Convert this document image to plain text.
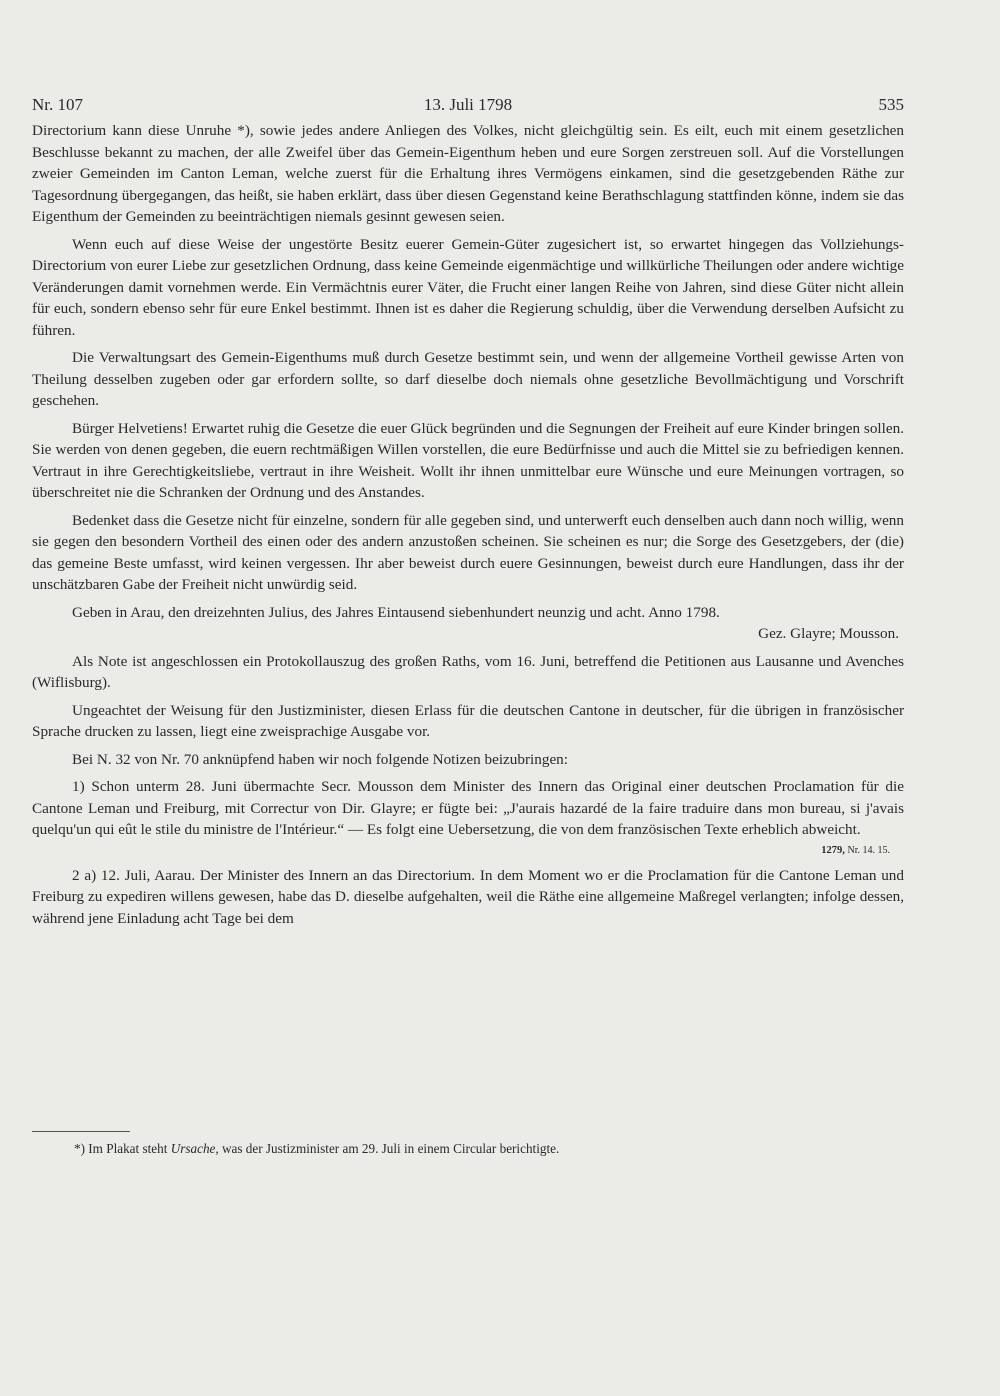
Nr. 107	13. Juli 1798	535

Directorium kann diese Unruhe *), sowie jedes andere Anliegen des Volkes, nicht gleichgültig sein. Es eilt, euch mit einem gesetzlichen Beschlusse bekannt zu machen, der alle Zweifel über das Gemein-Eigenthum heben und eure Sorgen zerstreuen soll. Auf die Vorstellungen zweier Gemeinden im Canton Leman, welche zuerst für die Erhaltung ihres Vermögens einkamen, sind die gesetzgebenden Räthe zur Tagesordnung übergegangen, das heißt, sie haben erklärt, dass über diesen Gegenstand keine Berathschlagung stattfinden könne, indem sie das Eigenthum der Gemeinden zu beeinträchtigen niemals gesinnt gewesen seien.

Wenn euch auf diese Weise der ungestörte Besitz euerer Gemein-Güter zugesichert ist, so erwartet hingegen das Vollziehungs-Directorium von eurer Liebe zur gesetzlichen Ordnung, dass keine Gemeinde eigenmächtige und willkürliche Theilungen oder andere wichtige Veränderungen damit vornehmen werde. Ein Vermächtnis eurer Väter, die Frucht einer langen Reihe von Jahren, sind diese Güter nicht allein für euch, sondern ebenso sehr für eure Enkel bestimmt. Ihnen ist es daher die Regierung schuldig, über die Verwendung derselben Aufsicht zu führen.

Die Verwaltungsart des Gemein-Eigenthums muß durch Gesetze bestimmt sein, und wenn der allgemeine Vortheil gewisse Arten von Theilung desselben zugeben oder gar erfordern sollte, so darf dieselbe doch niemals ohne gesetzliche Bevollmächtigung und Vorschrift geschehen.

Bürger Helvetiens! Erwartet ruhig die Gesetze die euer Glück begründen und die Segnungen der Freiheit auf eure Kinder bringen sollen. Sie werden von denen gegeben, die euern rechtmäßigen Willen vorstellen, die eure Bedürfnisse und auch die Mittel sie zu befriedigen kennen. Vertraut in ihre Gerechtigkeitsliebe, vertraut in ihre Weisheit. Wollt ihr ihnen unmittelbar eure Wünsche und eure Meinungen vortragen, so überschreitet nie die Schranken der Ordnung und des Anstandes.

Bedenket dass die Gesetze nicht für einzelne, sondern für alle gegeben sind, und unterwerft euch denselben auch dann noch willig, wenn sie gegen den besondern Vortheil des einen oder des andern anzustoßen scheinen. Sie scheinen es nur; die Sorge des Gesetzgebers, der (die) das gemeine Beste umfasst, wird keinen vergessen. Ihr aber beweist durch euere Gesinnungen, beweist durch eure Handlungen, dass ihr der unschätzbaren Gabe der Freiheit nicht unwürdig seid.

Geben in Arau, den dreizehnten Julius, des Jahres Eintausend siebenhundert neunzig und acht. Anno 1798.

Gez. Glayre; Mousson.

Als Note ist angeschlossen ein Protokollauszug des großen Raths, vom 16. Juni, betreffend die Petitionen aus Lausanne und Avenches (Wiflisburg).

Ungeachtet der Weisung für den Justizminister, diesen Erlass für die deutschen Cantone in deutscher, für die übrigen in französischer Sprache drucken zu lassen, liegt eine zweisprachige Ausgabe vor.

Bei N. 32 von Nr. 70 anknüpfend haben wir noch folgende Notizen beizubringen:

1) Schon unterm 28. Juni übermachte Secr. Mousson dem Minister des Innern das Original einer deutschen Proclamation für die Cantone Leman und Freiburg, mit Correctur von Dir. Glayre; er fügte bei: „J'aurais hazardé de la faire traduire dans mon bureau, si j'avais quelqu'un qui eût le stile du ministre de l'Intérieur.“ — Es folgt eine Uebersetzung, die von dem französischen Texte erheblich abweicht.

1279, Nr. 14. 15.

2 a) 12. Juli, Aarau. Der Minister des Innern an das Directorium. In dem Moment wo er die Proclamation für die Cantone Leman und Freiburg zu expediren willens gewesen, habe das D. dieselbe aufgehalten, weil die Räthe eine allgemeine Maßregel verlangten; infolge dessen, während jene Einladung acht Tage bei dem

*) Im Plakat steht Ursache, was der Justizminister am 29. Juli in einem Circular berichtigte.
